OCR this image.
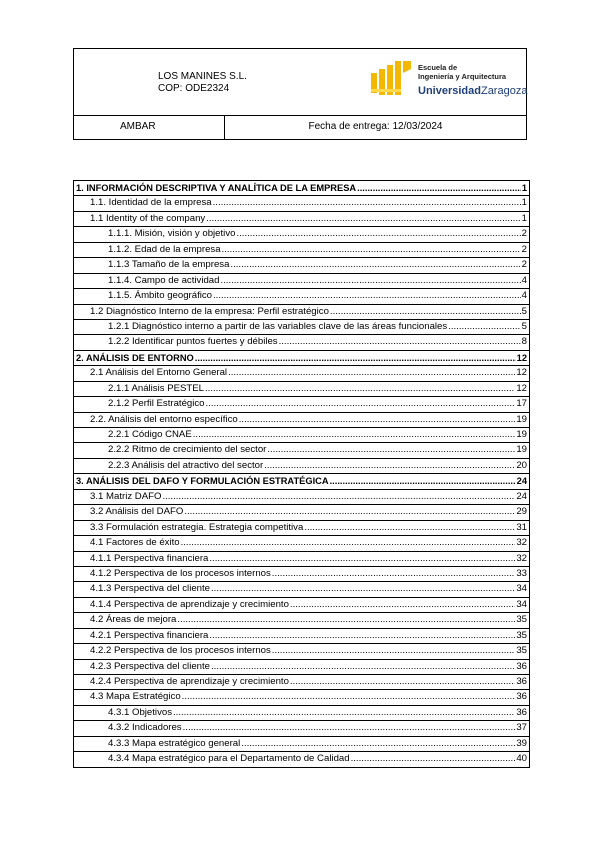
LOS MANINES S.L.
COP: ODE2324
Escuela de
Ingeniería y Arquitectura
UniversidadZaragoza
AMBAR	Fecha de entrega: 12/03/2024
1. INFORMACIÓN DESCRIPTIVA Y ANALÍTICA DE LA EMPRESA .....	1
1.1. Identidad de la empresa .....	1
1.1 Identity of the company .....	1
1.1.1. Misión, visión y objetivo .....	2
1.1.2. Edad de la empresa .....	2
1.1.3 Tamaño de la empresa .....	2
1.1.4. Campo de actividad .....	4
1.1.5. Ámbito geográfico .....	4
1.2 Diagnóstico Interno de la empresa: Perfil estratégico .....	5
1.2.1 Diagnóstico interno a partir de las variables clave de las áreas funcionales .....	5
1.2.2 Identificar puntos fuertes y débiles .....	8
2. ANÁLISIS DE ENTORNO .....	12
2.1 Análisis del Entorno General .....	12
2.1.1 Análisis PESTEL .....	12
2.1.2 Perfil Estratégico .....	17
2.2. Análisis del entorno específico .....	19
2.2.1 Código CNAE .....	19
2.2.2 Ritmo de crecimiento del sector .....	19
2.2.3 Análisis del atractivo del sector .....	20
3. ANÁLISIS DEL DAFO Y FORMULACIÓN ESTRATÉGICA .....	24
3.1 Matriz DAFO .....	24
3.2 Análisis del DAFO .....	29
3.3 Formulación estrategia. Estrategia competitiva .....	31
4.1 Factores de éxito .....	32
4.1.1 Perspectiva financiera .....	32
4.1.2 Perspectiva de los procesos internos .....	33
4.1.3 Perspectiva del cliente .....	34
4.1.4 Perspectiva de aprendizaje y crecimiento .....	34
4.2 Áreas de mejora .....	35
4.2.1 Perspectiva financiera .....	35
4.2.2 Perspectiva de los procesos internos .....	35
4.2.3 Perspectiva del cliente .....	36
4.2.4 Perspectiva de aprendizaje y crecimiento .....	36
4.3 Mapa Estratégico .....	36
4.3.1 Objetivos .....	36
4.3.2 Indicadores .....	37
4.3.3 Mapa estratégico general .....	39
4.3.4 Mapa estratégico para el Departamento de Calidad .....	40
